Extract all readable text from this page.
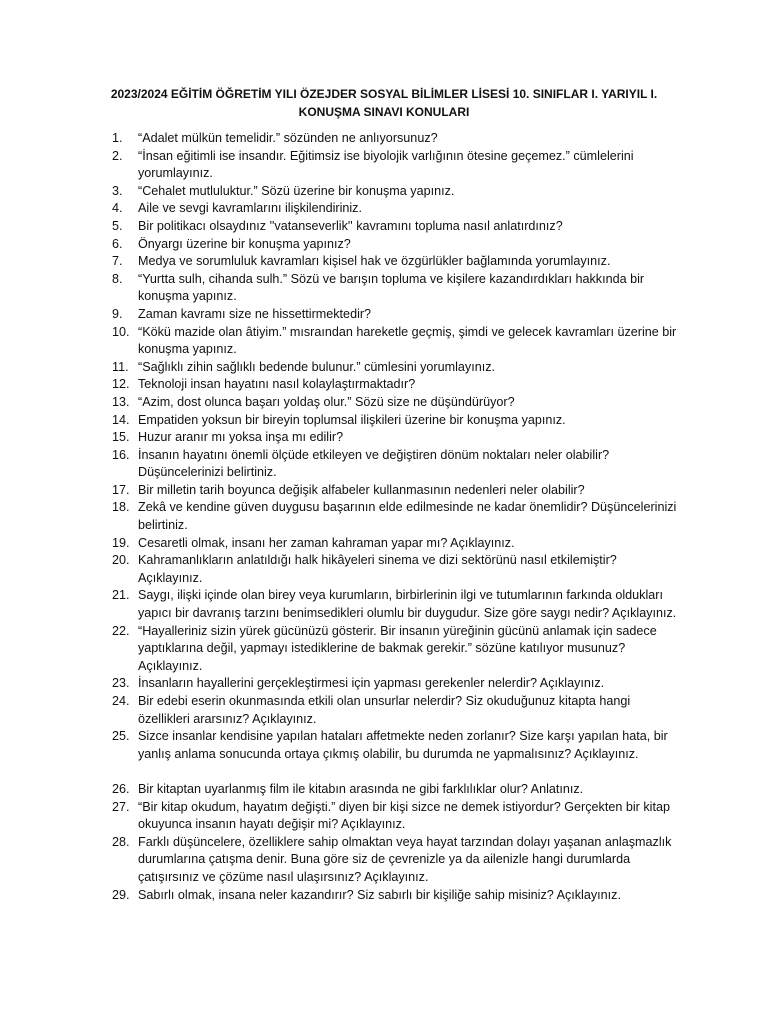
2023/2024 EĞİTİM ÖĞRETİM YILI ÖZEJDER SOSYAL BİLİMLER LİSESİ 10. SINIFLAR I. YARIYIL I.
KONUŞMA SINAVI KONULARI
1. “Adalet mülkün temelidir.” sözünden ne anlıyorsunuz?
2. “İnsan eğitimli ise insandır. Eğitimsiz ise biyolojik varlığının ötesine geçemez.” cümlelerini yorumlayınız.
3. “Cehalet mutluluktur.” Sözü üzerine bir konuşma yapınız.
4. Aile ve sevgi kavramlarını ilişkilendiriniz.
5. Bir politikacı olsaydınız ''vatanseverlik'' kavramını topluma nasıl anlatırdınız?
6. Önyargı üzerine bir konuşma yapınız?
7. Medya ve sorumluluk kavramları kişisel hak ve özgürlükler bağlamında yorumlayınız.
8. “Yurtta sulh, cihanda sulh.” Sözü ve barışın topluma ve kişilere kazandırdıkları hakkında bir konuşma yapınız.
9. Zaman kavramı size ne hissettirmektedir?
10. “Kökü mazide olan âtiyim.” mısraından hareketle geçmiş, şimdi ve gelecek kavramları üzerine bir konuşma yapınız.
11. “Sağlıklı zihin sağlıklı bedende bulunur.” cümlesini yorumlayınız.
12. Teknoloji insan hayatını nasıl kolaylaştırmaktadır?
13. “Azim, dost olunca başarı yoldaş olur.” Sözü size ne düşündürüyor?
14. Empatiden yoksun bir bireyin toplumsal ilişkileri üzerine bir konuşma yapınız.
15. Huzur aranır mı yoksa inşa mı edilir?
16. İnsanın hayatını önemli ölçüde etkileyen ve değiştiren dönüm noktaları neler olabilir? Düşüncelerinizi belirtiniz.
17. Bir milletin tarih boyunca değişik alfabeler kullanmasının nedenleri neler olabilir?
18. Zekâ ve kendine güven duygusu başarının elde edilmesinde ne kadar önemlidir? Düşüncelerinizi belirtiniz.
19. Cesaretli olmak, insanı her zaman kahraman yapar mı? Açıklayınız.
20. Kahramanlıkların anlatıldığı halk hikâyeleri sinema ve dizi sektörünü nasıl etkilemiştir? Açıklayınız.
21. Saygı, ilişki içinde olan birey veya kurumların, birbirlerinin ilgi ve tutumlarının farkında oldukları yapıcı bir davranış tarzını benimsedikleri olumlu bir duygudur. Size göre saygı nedir? Açıklayınız.
22. “Hayalleriniz sizin yürek gücünüzü gösterir. Bir insanın yüreğinin gücünü anlamak için sadece yaptıklarına değil, yapmayı istediklerine de bakmak gerekir.” sözüne katılıyor musunuz? Açıklayınız.
23. İnsanların hayallerini gerçekleştirmesi için yapması gerekenler nelerdir? Açıklayınız.
24. Bir edebi eserin okunmasında etkili olan unsurlar nelerdir? Siz okuduğunuz kitapta hangi özellikleri ararsınız? Açıklayınız.
25. Sizce insanlar kendisine yapılan hataları affetmekte neden zorlanır? Size karşı yapılan hata, bir yanlış anlama sonucunda ortaya çıkmış olabilir, bu durumda ne yapmalısınız? Açıklayınız.
26. Bir kitaptan uyarlanmış film ile kitabın arasında ne gibi farklılıklar olur? Anlatınız.
27. “Bir kitap okudum, hayatım değişti.” diyen bir kişi sizce ne demek istiyordur? Gerçekten bir kitap okuyunca insanın hayatı değişir mi? Açıklayınız.
28. Farklı düşüncelere, özelliklere sahip olmaktan veya hayat tarzından dolayı yaşanan anlaşmazlık durumlarına çatışma denir. Buna göre siz de çevrenizle ya da ailenizle hangi durumlarda çatışırsınız ve çözüme nasıl ulaşırsınız? Açıklayınız.
29. Sabırlı olmak, insana neler kazandırır? Siz sabırlı bir kişiliğe sahip misiniz? Açıklayınız.
